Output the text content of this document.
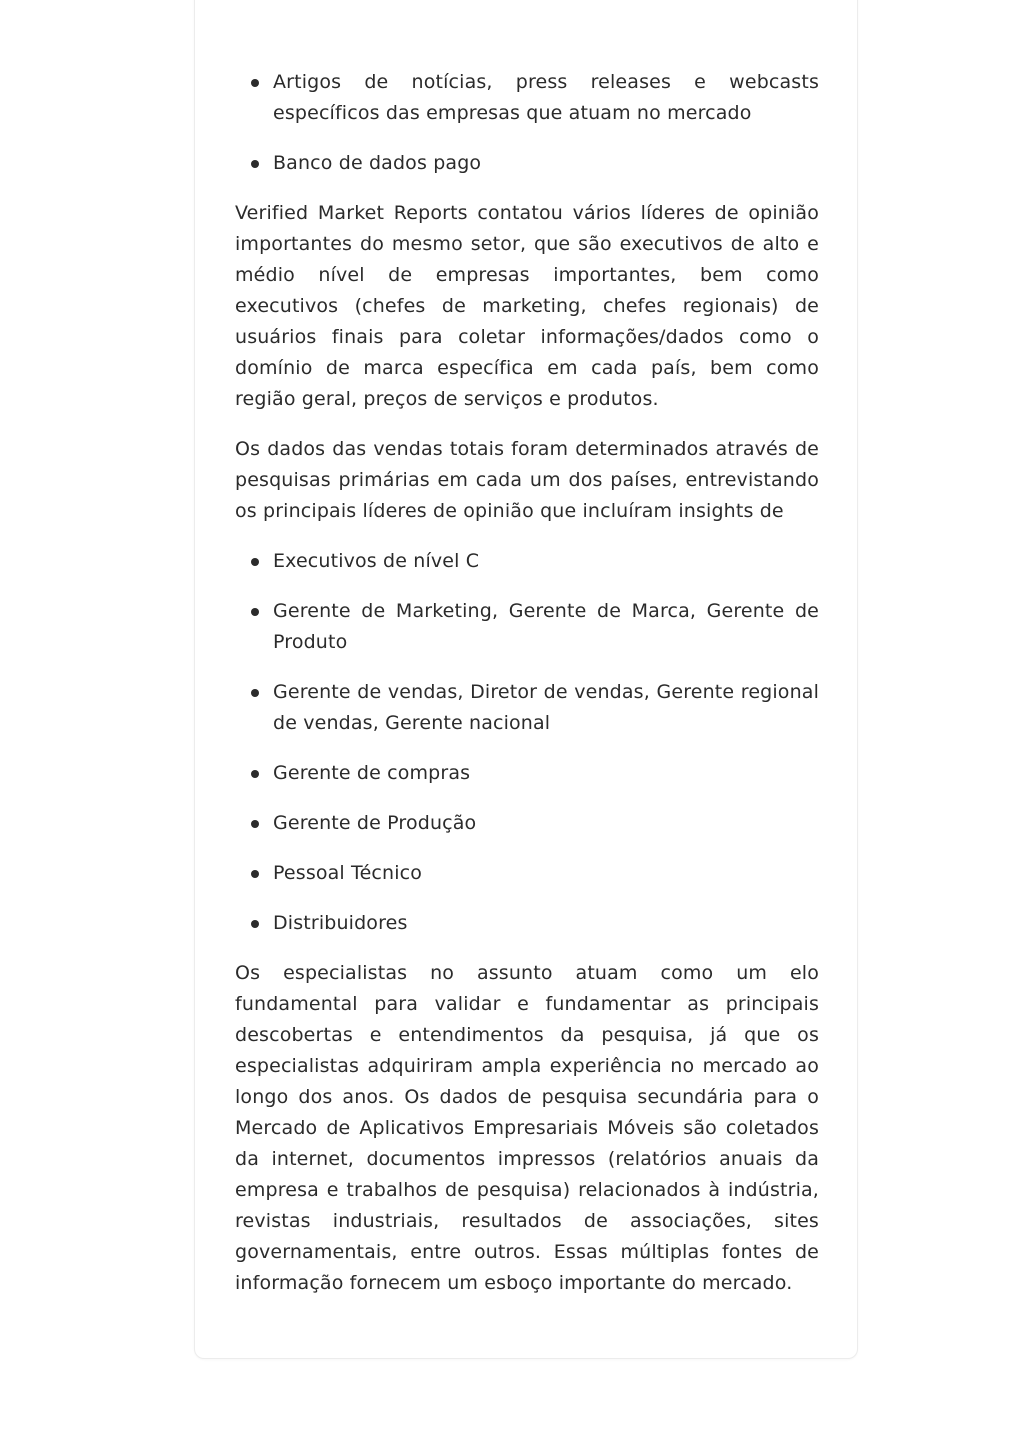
Artigos de notícias, press releases e webcasts específicos das empresas que atuam no mercado
Banco de dados pago

Verified Market Reports contatou vários líderes de opinião importantes do mesmo setor, que são executivos de alto e médio nível de empresas importantes, bem como executivos (chefes de marketing, chefes regionais) de usuários finais para coletar informações/dados como o domínio de marca específica em cada país, bem como região geral, preços de serviços e produtos.

Os dados das vendas totais foram determinados através de pesquisas primárias em cada um dos países, entrevistando os principais líderes de opinião que incluíram insights de

Executivos de nível C
Gerente de Marketing, Gerente de Marca, Gerente de Produto
Gerente de vendas, Diretor de vendas, Gerente regional de vendas, Gerente nacional
Gerente de compras
Gerente de Produção
Pessoal Técnico
Distribuidores

Os especialistas no assunto atuam como um elo fundamental para validar e fundamentar as principais descobertas e entendimentos da pesquisa, já que os especialistas adquiriram ampla experiência no mercado ao longo dos anos. Os dados de pesquisa secundária para o Mercado de Aplicativos Empresariais Móveis são coletados da internet, documentos impressos (relatórios anuais da empresa e trabalhos de pesquisa) relacionados à indústria, revistas industriais, resultados de associações, sites governamentais, entre outros. Essas múltiplas fontes de informação fornecem um esboço importante do mercado.
